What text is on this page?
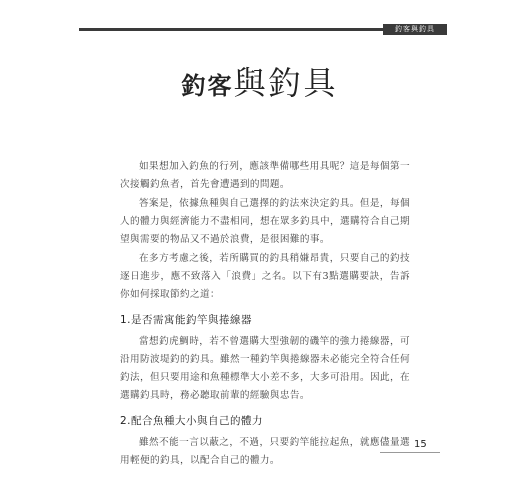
釣客與釣具
釣客與釣具

如果想加入釣魚的行列，應該準備哪些用具呢？這是每個第一次接觸釣魚者，首先會遭遇到的問題。

答案是，依據魚種與自己選擇的釣法來決定釣具。但是，每個人的體力與經濟能力不盡相同，想在眾多釣具中，選購符合自己期望與需要的物品又不過於浪費，是很困難的事。

在多方考慮之後，若所購買的釣具稍嫌昂貴，只要自己的釣技逐日進步，應不致落入「浪費」之名。以下有3點選購要訣，告訴你如何採取節約之道：

1.是否需寓能釣竿與捲線器

當想釣虎鯛時，若不曾選購大型強韌的磯竿的強力捲線器，可沿用防波堤釣的釣具。雖然一種釣竿與捲線器未必能完全符合任何釣法，但只要用途和魚種標準大小差不多，大多可沿用。因此，在選購釣具時，務必聽取前輩的經驗與忠告。

2.配合魚種大小與自己的體力

雖然不能一言以蔽之，不過，只要釣竿能拉起魚，就應儘量選用輕便的釣具，以配合自己的體力。

15
